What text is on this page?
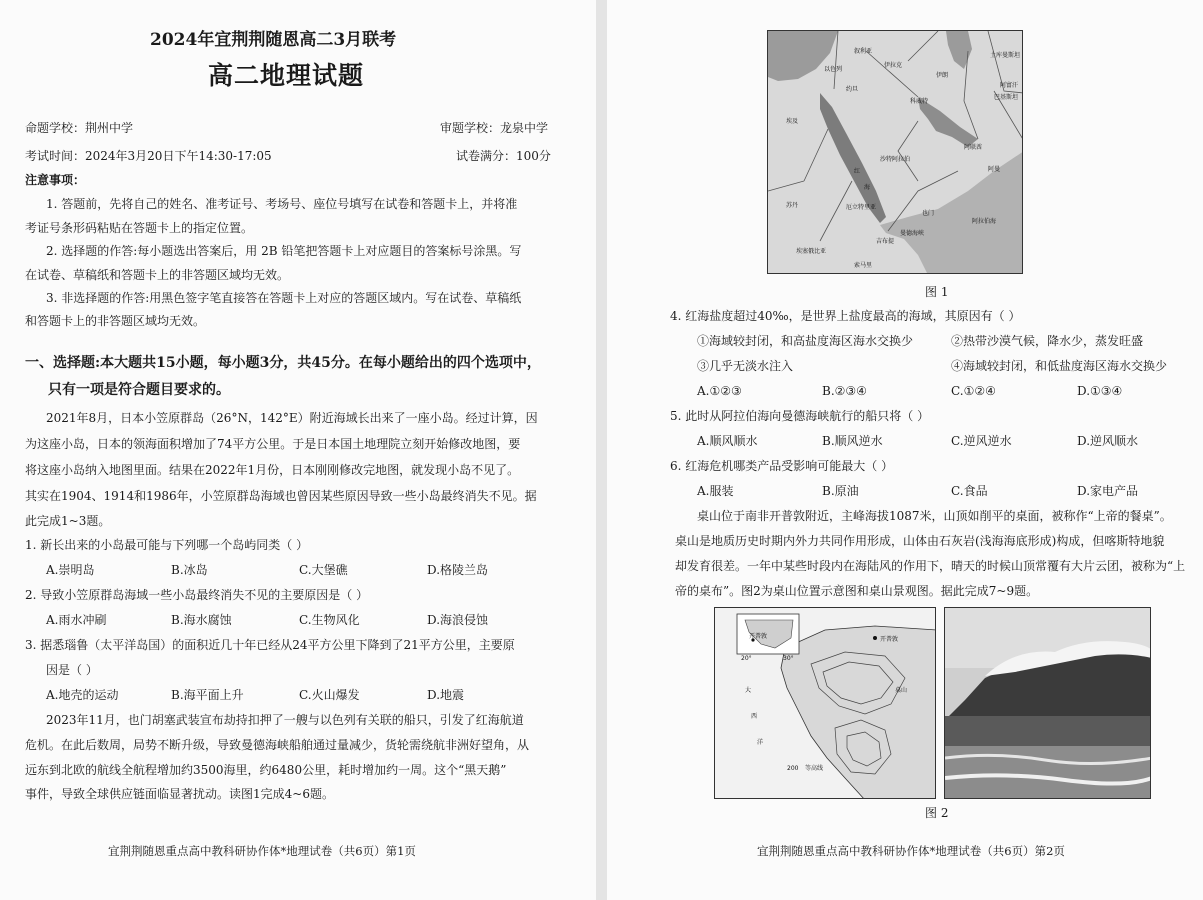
2024年宜荆荆随恩高二3月联考
高二地理试题
命题学校：荆州中学	审题学校：龙泉中学
考试时间：2024年3月20日下午14:30-17:05	试卷满分：100分
注意事项：
1. 答题前，先将自己的姓名、准考证号、考场号、座位号填写在试卷和答题卡上，并将准
考证号条形码粘贴在答题卡上的指定位置。
2. 选择题的作答:每小题选出答案后，用 2B 铅笔把答题卡上对应题目的答案标号涂黑。写
在试卷、草稿纸和答题卡上的非答题区域均无效。
3. 非选择题的作答:用黑色签字笔直接答在答题卡上对应的答题区域内。写在试卷、草稿纸
和答题卡上的非答题区域均无效。
一、选择题:本大题共15小题，每小题3分，共45分。在每小题给出的四个选项中，
只有一项是符合题目要求的。
2021年8月，日本小笠原群岛（26°N，142°E）附近海域长出来了一座小岛。经过计算，因
为这座小岛，日本的领海面积增加了74平方公里。于是日本国土地理院立刻开始修改地图，要
将这座小岛纳入地图里面。结果在2022年1月份，日本刚刚修改完地图，就发现小岛不见了。
其实在1904、1914和1986年，小笠原群岛海域也曾因某些原因导致一些小岛最终消失不见。据
此完成1~3题。
1. 新长出来的小岛最可能与下列哪一个岛屿同类（ ）
A.崇明岛	B.冰岛	C.大堡礁	D.格陵兰岛
2. 导致小笠原群岛海域一些小岛最终消失不见的主要原因是（ ）
A.雨水冲刷	B.海水腐蚀	C.生物风化	D.海浪侵蚀
3. 据悉瑙鲁（太平洋岛国）的面积近几十年已经从24平方公里下降到了21平方公里，主要原
因是（ ）
A.地壳的运动	B.海平面上升	C.火山爆发	D.地震
2023年11月，也门胡塞武装宣布劫持扣押了一艘与以色列有关联的船只，引发了红海航道
危机。在此后数周，局势不断升级，导致曼德海峡船舶通过量减少，货轮需绕航非洲好望角，从
远东到北欧的航线全航程增加约3500海里，约6480公里，耗时增加约一周。这个“黑天鹅”
事件，导致全球供应链面临显著扰动。读图1完成4~6题。
宜荆荆随恩重点高中教科研协作体*地理试卷（共6页）第1页
叙利亚
伊拉克
伊朗
土库曼斯坦
阿富汗
巴基斯坦
以色列
约旦
埃及
科威特
沙特阿拉伯
阿联酋
阿曼
红
海
苏丹	厄立特里亚
也门
吉布提
埃塞俄比亚
索马里
曼德海峡
阿拉伯海
图 1
4. 红海盐度超过40‰，是世界上盐度最高的海域，其原因有（ ）
①海域较封闭，和高盐度海区海水交换少	②热带沙漠气候，降水少，蒸发旺盛
③几乎无淡水注入	④海域较封闭，和低盐度海区海水交换少
A.①②③	B.②③④	C.①②④	D.①③④
5. 此时从阿拉伯海向曼德海峡航行的船只将（ ）
A.顺风顺水	B.顺风逆水	C.逆风逆水	D.逆风顺水
6. 红海危机哪类产品受影响可能最大（ ）
A.服装	B.原油	C.食品	D.家电产品
桌山位于南非开普敦附近，主峰海拔1087米，山顶如削平的桌面，被称作“上帝的餐桌”。
桌山是地质历史时期内外力共同作用形成，山体由石灰岩(浅海海底形成)构成，但喀斯特地貌
却发育很差。一年中某些时段内在海陆风的作用下，晴天的时候山顶常覆有大片云团，被称为“上
帝的桌布”。图2为桌山位置示意图和桌山景观图。据此完成7~9题。
开普敦	开普敦
桌山
大
西
洋
20°	30°
200 等高线
图 2
宜荆荆随恩重点高中教科研协作体*地理试卷（共6页）第2页
